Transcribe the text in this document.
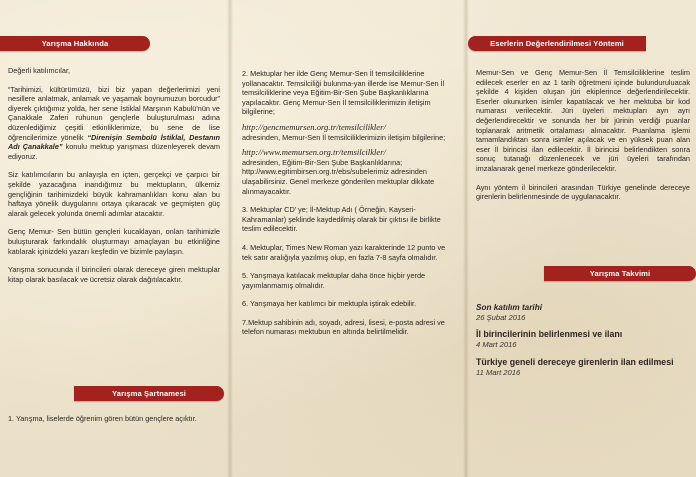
Yarışma Hakkında

Değerli katılımcılar,

“Tarihimizi, kültürümüzü, bizi biz yapan değerlerimizi yeni nesillere anlatmak, anlamak ve yaşamak boynumuzun borcudur” diyerek çıktığımız yolda, her sene İstiklal Marşının Kabulü'nün ve Çanakkale Zaferi ruhunun gençlerle buluşturulması adına düzenlediğimiz çeşitli etkinliklerimize, bu sene de lise öğrencilerimize yönelik “Direnişin Sembolü İstiklal, Destanın Adı Çanakkale” konulu mektup yarışması düzenleyerek devam ediyoruz.

Siz katılımcıların bu anlayışla en içten, gerçekçi ve çarpıcı bir şekilde yazacağına inandığımız bu mektupların, ülkemiz gençliğinin tarihimizdeki büyük kahramanlıkları konu alan bu haftaya yönelik duygularını ortaya çıkaracak ve geçmişten güç alarak gelecek yolunda önemli adımlar atacaktır.

Genç Memur- Sen bütün gençleri kucaklayan, onları tarihimizle buluşturarak farkındalık oluşturmayı amaçlayan bu etkinliğine katılarak içinizdeki yazarı keşfedin ve bizimle paylaşın.

Yarışma sonucunda il birincileri olarak dereceye giren mektuplar kitap olarak basılacak ve ücretsiz olarak dağıtılacaktır.

Yarışma Şartnamesi
1. Yarışma, liselerde öğrenim gören bütün gençlere açıktır.

2. Mektuplar her ilde Genç Memur-Sen İl temsilciliklerine yollanacaktır. Temsilciliği bulunma-yan illerde ise Memur-Sen İl temsilciliklerine veya Eğitim-Bir-Sen Şube Başkanlıklarına yapılacaktır. Genç Memur-Sen İl temsilciliklerimizin iletişim bilgilerine;

http://gencmemursen.org.tr/temsilcilikler/
adresinden, Memur-Sen İl temsilciliklerimizin iletişim bilgilerine;

http://www.memursen.org.tr/temsilcilkler/
adresinden, Eğitim-Bir-Sen Şube Başkanlıklarına; http://www.egitimbirsen.org.tr/ebs/subelerimiz adresinden ulaşabilirsiniz. Genel merkeze gönderilen mektuplar dikkate alınmayacaktır.

3. Mektuplar CD' ye; İl-Mektup Adı ( Örneğin, Kayseri-Kahramanlar) şeklinde kaydedilmiş olarak bir çıktısı ile birlikte teslim edilecektir.

4. Mektuplar, Times New Roman yazı karakterinde 12 punto ve tek satır aralığıyla yazılmış olup, en fazla 7-8 sayfa olmalıdır.

5. Yarışmaya katılacak mektuplar daha önce hiçbir yerde yayımlanmamış olmalıdır.

6. Yarışmaya her katılımcı bir mektupla iştirak edebilir.

7.Mektup sahibinin adı, soyadı, adresi, lisesi, e-posta adresi ve telefon numarası mektubun en altında belirtilmelidir.

Eserlerin Değerlendirilmesi Yöntemi

Memur-Sen ve Genç Memur-Sen İl Temsilciliklerine teslim edilecek eserler en az 1 tarih öğretmeni içinde bulunduruluacak şekilde 4 kişiden oluşan jüri ekiplerince değerlendirilecektir. Eserler okunurken isimler kapatılacak ve her mektuba bir kod numarası verilecektir. Jüri üyeleri mektupları ayrı ayrı değerlendirecektir ve sonunda her bir jürinin verdiği puanlar toplanarak aritmetik ortalaması alınacaktır. Puanlama işlemi tamamlandıktan sonra isimler açılacak ve en yüksek puan alan eser İl birincisi ilan edilecektir. İl birincisi belirlendikten sonra sonuç tutanağı düzenlenecek ve jüri üyeleri tarafından imzalanarak genel merkeze gönderilecektir.

Aynı yöntem il birincileri arasından Türkiye genelinde dereceye girenlerin belirlenmesinde de uygulanacaktır.

Yarışma Takvimi
Son katılım tarihi
26 Şubat 2016
İl birincilerinin belirlenmesi ve ilanı
4 Mart 2016
Türkiye geneli dereceye girenlerin ilan edilmesi
11 Mart 2016
